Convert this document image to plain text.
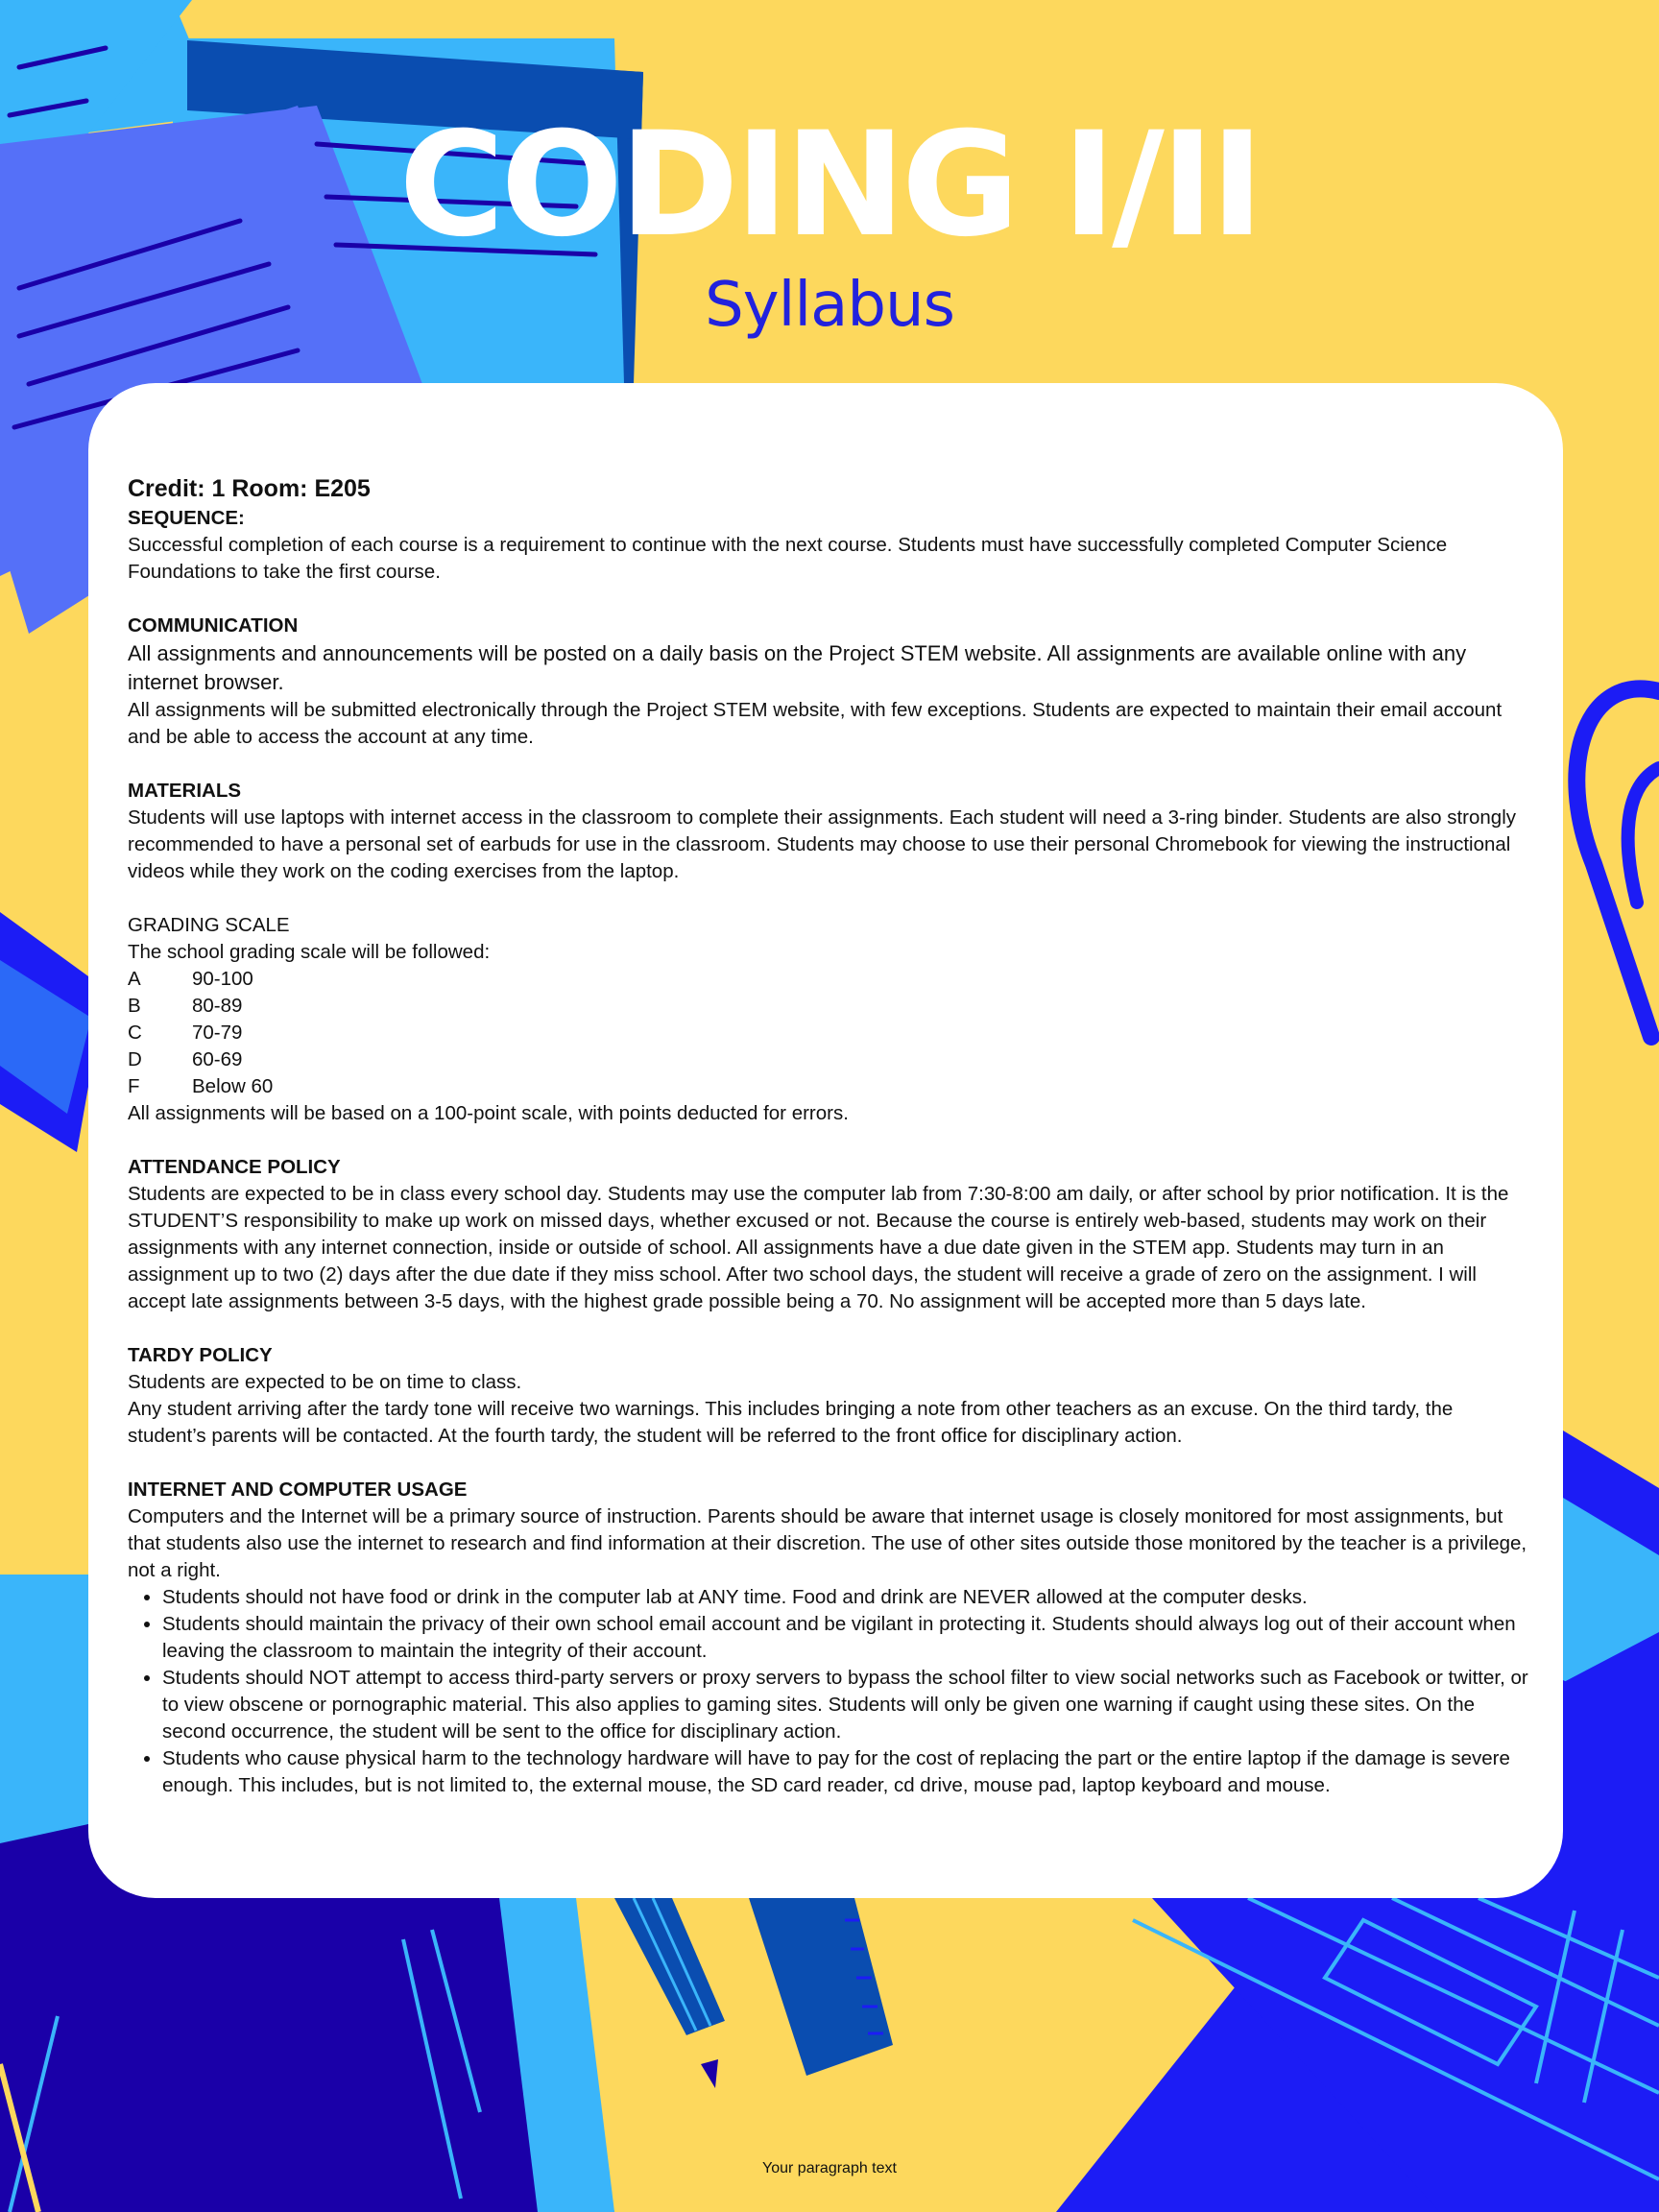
CODING I/II
Syllabus
Credit: 1 Room: E205
SEQUENCE:
Successful completion of each course is a requirement to continue with the next course. Students must have successfully completed Computer Science Foundations to take the first course.
COMMUNICATION
All assignments and announcements will be posted on a daily basis on the Project STEM website. All assignments are available online with any internet browser.
All assignments will be submitted electronically through the Project STEM website, with few exceptions. Students are expected to maintain their email account and be able to access the account at any time.
MATERIALS
Students will use laptops with internet access in the classroom to complete their assignments. Each student will need a 3-ring binder. Students are also strongly recommended to have a personal set of earbuds for use in the classroom. Students may choose to use their personal Chromebook for viewing the instructional videos while they work on the coding exercises from the laptop.
GRADING SCALE
The school grading scale will be followed:
A	90-100
B	80-89
C	70-79
D	60-69
F	Below 60
All assignments will be based on a 100-point scale, with points deducted for errors.
ATTENDANCE POLICY
Students are expected to be in class every school day. Students may use the computer lab from 7:30-8:00 am daily, or after school by prior notification. It is the STUDENT’S responsibility to make up work on missed days, whether excused or not. Because the course is entirely web-based, students may work on their assignments with any internet connection, inside or outside of school. All assignments have a due date given in the STEM app. Students may turn in an assignment up to two (2) days after the due date if they miss school. After two school days, the student will receive a grade of zero on the assignment. I will accept late assignments between 3-5 days, with the highest grade possible being a 70. No assignment will be accepted more than 5 days late.
TARDY POLICY
Students are expected to be on time to class.
Any student arriving after the tardy tone will receive two warnings. This includes bringing a note from other teachers as an excuse. On the third tardy, the student’s parents will be contacted. At the fourth tardy, the student will be referred to the front office for disciplinary action.
INTERNET AND COMPUTER USAGE
Computers and the Internet will be a primary source of instruction. Parents should be aware that internet usage is closely monitored for most assignments, but that students also use the internet to research and find information at their discretion. The use of other sites outside those monitored by the teacher is a privilege, not a right.
• Students should not have food or drink in the computer lab at ANY time. Food and drink are NEVER allowed at the computer desks.
• Students should maintain the privacy of their own school email account and be vigilant in protecting it. Students should always log out of their account when leaving the classroom to maintain the integrity of their account.
• Students should NOT attempt to access third-party servers or proxy servers to bypass the school filter to view social networks such as Facebook or twitter, or to view obscene or pornographic material. This also applies to gaming sites. Students will only be given one warning if caught using these sites. On the second occurrence, the student will be sent to the office for disciplinary action.
• Students who cause physical harm to the technology hardware will have to pay for the cost of replacing the part or the entire laptop if the damage is severe enough. This includes, but is not limited to, the external mouse, the SD card reader, cd drive, mouse pad, laptop keyboard and mouse.
Your paragraph text
